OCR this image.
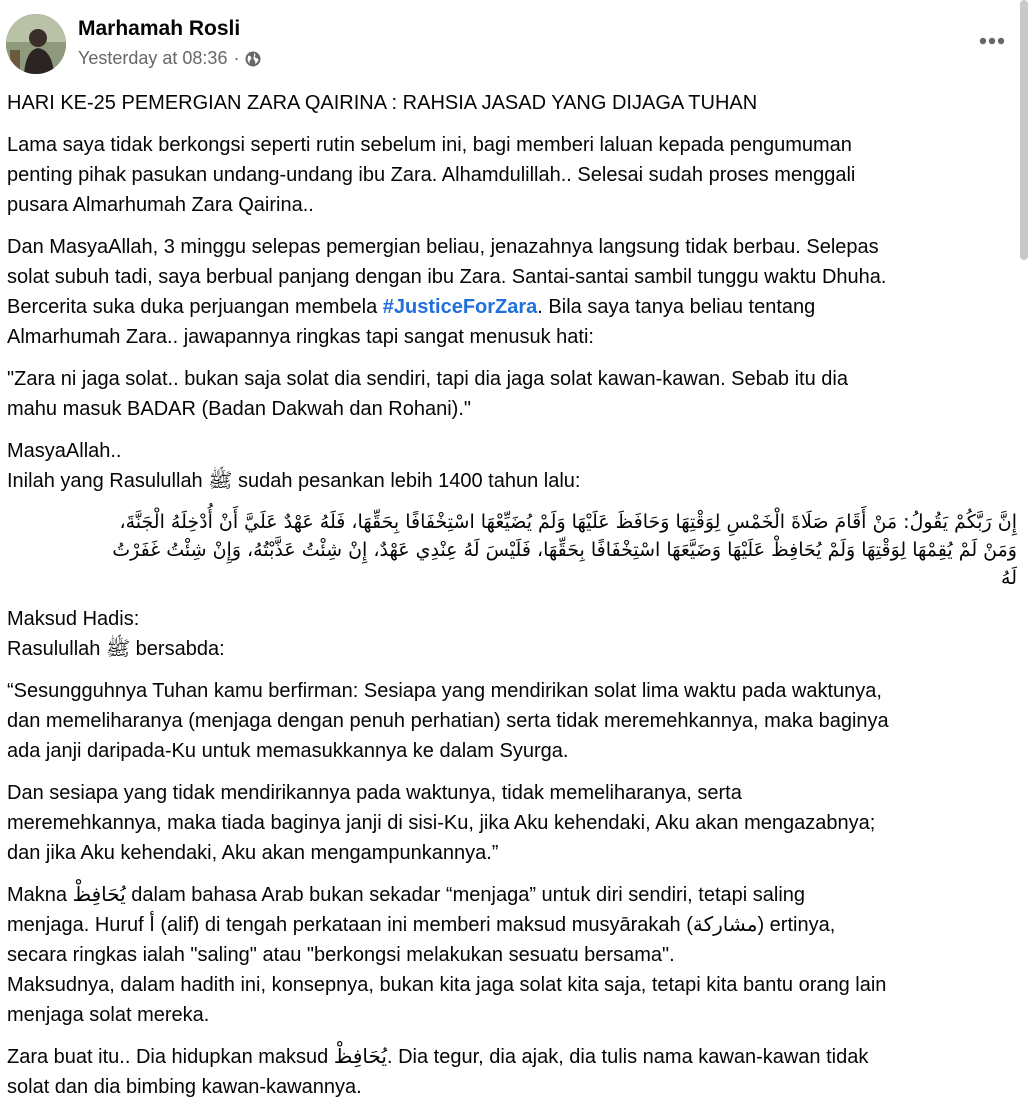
Marhamah Rosli
Yesterday at 08:36 ·

HARI KE-25 PEMERGIAN ZARA QAIRINA : RAHSIA JASAD YANG DIJAGA TUHAN

Lama saya tidak berkongsi seperti rutin sebelum ini, bagi memberi laluan kepada pengumuman
penting pihak pasukan undang-undang ibu Zara. Alhamdulillah.. Selesai sudah proses menggali
pusara Almarhumah Zara Qairina..

Dan MasyaAllah, 3 minggu selepas pemergian beliau, jenazahnya langsung tidak berbau. Selepas
solat subuh tadi, saya berbual panjang dengan ibu Zara. Santai-santai sambil tunggu waktu Dhuha.
Bercerita suka duka perjuangan membela #JusticeForZara. Bila saya tanya beliau tentang
Almarhumah Zara.. jawapannya ringkas tapi sangat menusuk hati:

"Zara ni jaga solat.. bukan saja solat dia sendiri, tapi dia jaga solat kawan-kawan. Sebab itu dia
mahu masuk BADAR (Badan Dakwah dan Rohani)."

MasyaAllah..
Inilah yang Rasulullah ﷺ sudah pesankan lebih 1400 tahun lalu:

إِنَّ رَبَّكُمْ يَقُولُ: مَنْ أَقَامَ صَلَاةَ الْخَمْسِ لِوَقْتِهَا وَحَافَظَ عَلَيْهَا وَلَمْ يُضَيِّعْهَا اسْتِخْفَافًا بِحَقِّهَا، فَلَهُ عَهْدٌ عَلَيَّ أَنْ أُدْخِلَهُ الْجَنَّةَ،
وَمَنْ لَمْ يُقِمْهَا لِوَقْتِهَا وَلَمْ يُحَافِظْ عَلَيْهَا وَضَيَّعَهَا اسْتِخْفَافًا بِحَقِّهَا، فَلَيْسَ لَهُ عِنْدِي عَهْدٌ، إِنْ شِئْتُ عَذَّبْتُهُ، وَإِنْ شِئْتُ غَفَرْتُ
لَهُ

Maksud Hadis:
Rasulullah ﷺ bersabda:

“Sesungguhnya Tuhan kamu berfirman: Sesiapa yang mendirikan solat lima waktu pada waktunya,
dan memeliharanya (menjaga dengan penuh perhatian) serta tidak meremehkannya, maka baginya
ada janji daripada-Ku untuk memasukkannya ke dalam Syurga.

Dan sesiapa yang tidak mendirikannya pada waktunya, tidak memeliharanya, serta
meremehkannya, maka tiada baginya janji di sisi-Ku, jika Aku kehendaki, Aku akan mengazabnya;
dan jika Aku kehendaki, Aku akan mengampunkannya.”

Makna يُحَافِظْ dalam bahasa Arab bukan sekadar “menjaga” untuk diri sendiri, tetapi saling
menjaga. Huruf أ (alif) di tengah perkataan ini memberi maksud musyārakah (مشاركة) ertinya,
secara ringkas ialah "saling" atau "berkongsi melakukan sesuatu bersama".
Maksudnya, dalam hadith ini, konsepnya, bukan kita jaga solat kita saja, tetapi kita bantu orang lain
menjaga solat mereka.

Zara buat itu.. Dia hidupkan maksud يُحَافِظْ. Dia tegur, dia ajak, dia tulis nama kawan-kawan tidak
solat dan dia bimbing kawan-kawannya.
